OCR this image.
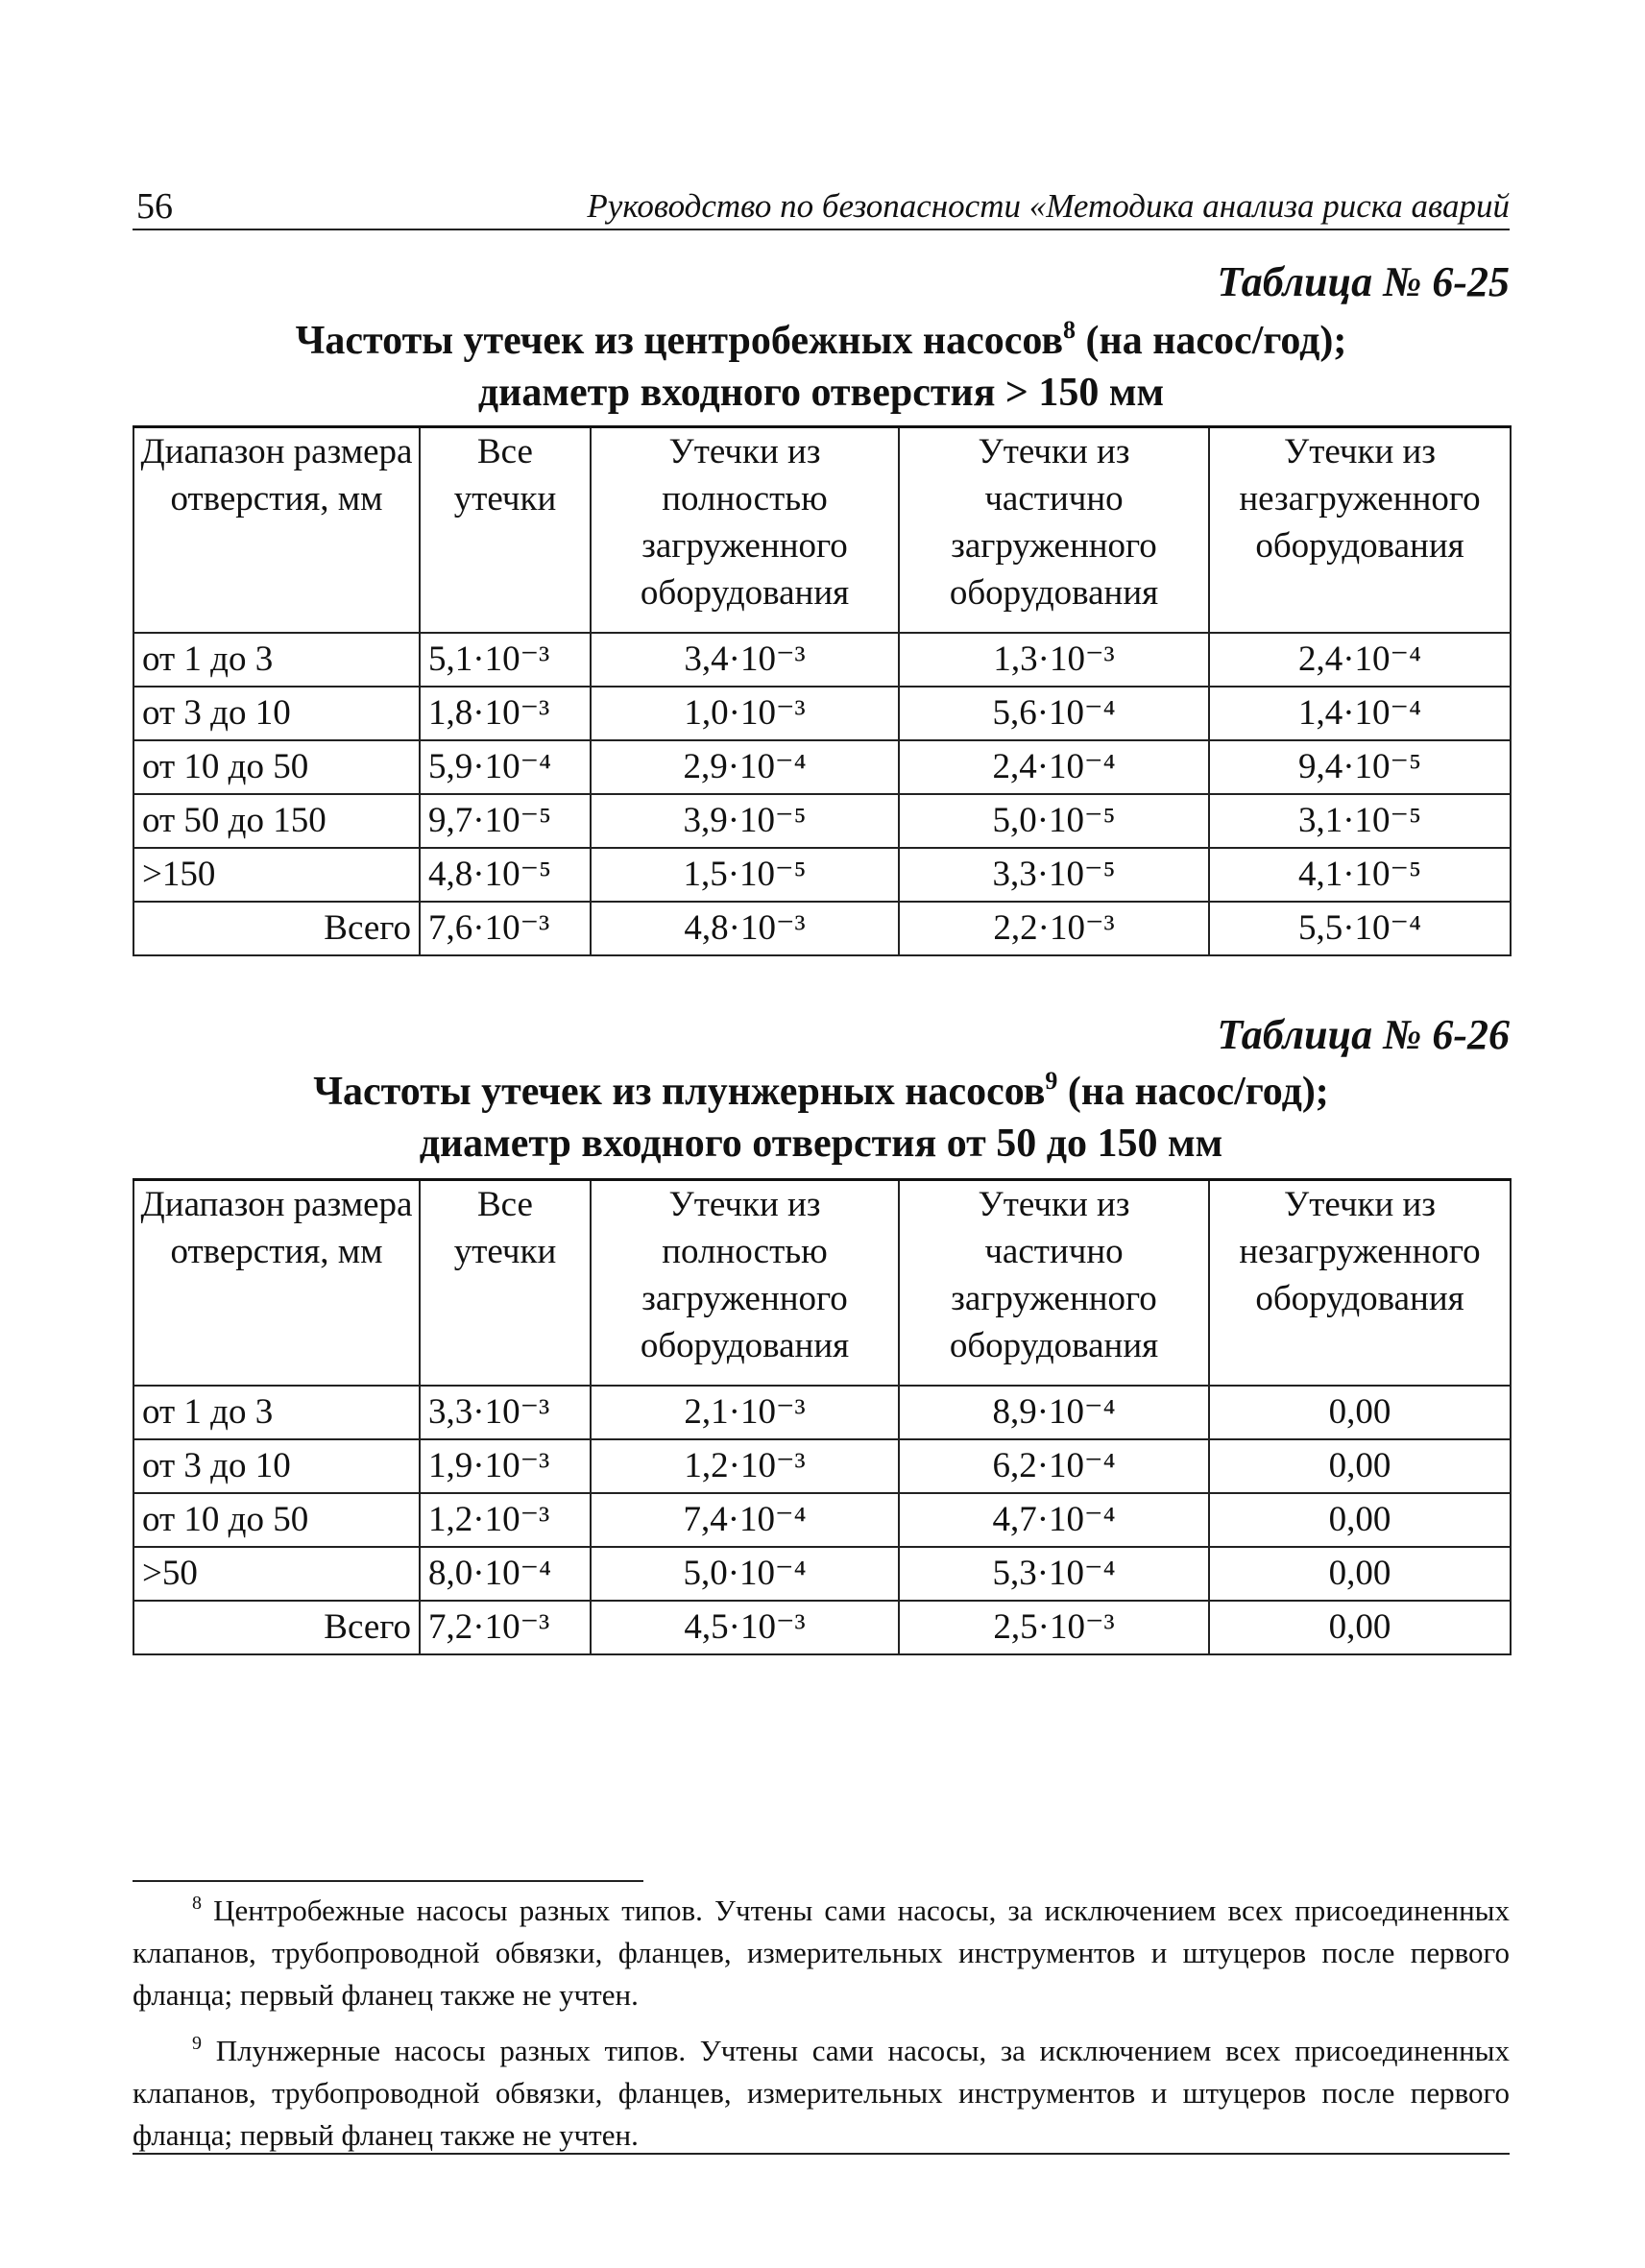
56	Руководство по безопасности «Методика анализа риска аварий
Таблица № 6-25
Частоты утечек из центробежных насосов$^8$ (на насос/год);
диаметр входного отверстия > 150 мм
Диапазон размера отверстия, мм	Все утечки	Утечки из полностью загруженного оборудования	Утечки из частично загруженного оборудования	Утечки из незагруженного оборудования
от 1 до 3	5,1·10⁻³	3,4·10⁻³	1,3·10⁻³	2,4·10⁻⁴
от 3 до 10	1,8·10⁻³	1,0·10⁻³	5,6·10⁻⁴	1,4·10⁻⁴
от 10 до 50	5,9·10⁻⁴	2,9·10⁻⁴	2,4·10⁻⁴	9,4·10⁻⁵
от 50 до 150	9,7·10⁻⁵	3,9·10⁻⁵	5,0·10⁻⁵	3,1·10⁻⁵
>150	4,8·10⁻⁵	1,5·10⁻⁵	3,3·10⁻⁵	4,1·10⁻⁵
Всего	7,6·10⁻³	4,8·10⁻³	2,2·10⁻³	5,5·10⁻⁴
Таблица № 6-26
Частоты утечек из плунжерных насосов$^9$ (на насос/год);
диаметр входного отверстия от 50 до 150 мм
Диапазон размера отверстия, мм	Все утечки	Утечки из полностью загруженного оборудования	Утечки из частично загруженного оборудования	Утечки из незагруженного оборудования
от 1 до 3	3,3·10⁻³	2,1·10⁻³	8,9·10⁻⁴	0,00
от 3 до 10	1,9·10⁻³	1,2·10⁻³	6,2·10⁻⁴	0,00
от 10 до 50	1,2·10⁻³	7,4·10⁻⁴	4,7·10⁻⁴	0,00
>50	8,0·10⁻⁴	5,0·10⁻⁴	5,3·10⁻⁴	0,00
Всего	7,2·10⁻³	4,5·10⁻³	2,5·10⁻³	0,00

$^8$ Центробежные насосы разных типов. Учтены сами насосы, за исключением всех присоединенных клапанов, трубопроводной обвязки, фланцев, измерительных инструментов и штуцеров после первого фланца; первый фланец также не учтен.

$^9$ Плунжерные насосы разных типов. Учтены сами насосы, за исключением всех присоединенных клапанов, трубопроводной обвязки, фланцев, измерительных инструментов и штуцеров после первого фланца; первый фланец также не учтен.
